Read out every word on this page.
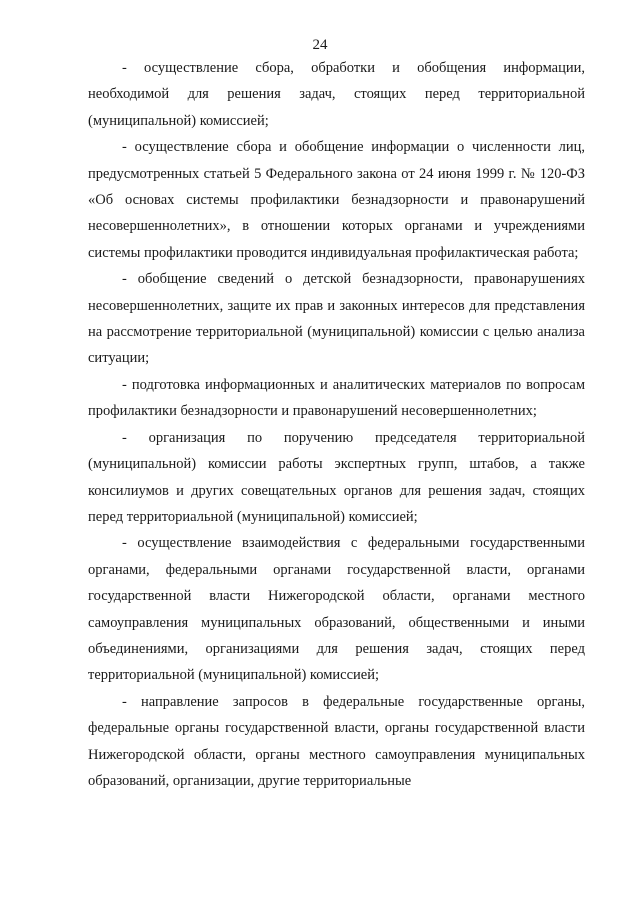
24

- осуществление сбора, обработки и обобщения информации, необходимой для решения задач, стоящих перед территориальной (муниципальной) комиссией;

- осуществление сбора и обобщение информации о численности лиц, предусмотренных статьей 5 Федерального закона от 24 июня 1999 г. № 120-ФЗ «Об основах системы профилактики безнадзорности и правонарушений несовершеннолетних», в отношении которых органами и учреждениями системы профилактики проводится индивидуальная профилактическая работа;

- обобщение сведений о детской безнадзорности, правонарушениях несовершеннолетних, защите их прав и законных интересов для представления на рассмотрение территориальной (муниципальной) комиссии с целью анализа ситуации;

- подготовка информационных и аналитических материалов по вопросам профилактики безнадзорности и правонарушений несовершеннолетних;

- организация по поручению председателя территориальной (муниципальной) комиссии работы экспертных групп, штабов, а также консилиумов и других совещательных органов для решения задач, стоящих перед территориальной (муниципальной) комиссией;

- осуществление взаимодействия с федеральными государственными органами, федеральными органами государственной власти, органами государственной власти Нижегородской области, органами местного самоуправления муниципальных образований, общественными и иными объединениями, организациями для решения задач, стоящих перед территориальной (муниципальной) комиссией;

- направление запросов в федеральные государственные органы, федеральные органы государственной власти, органы государственной власти Нижегородской области, органы местного самоуправления муниципальных образований, организации, другие территориальные
